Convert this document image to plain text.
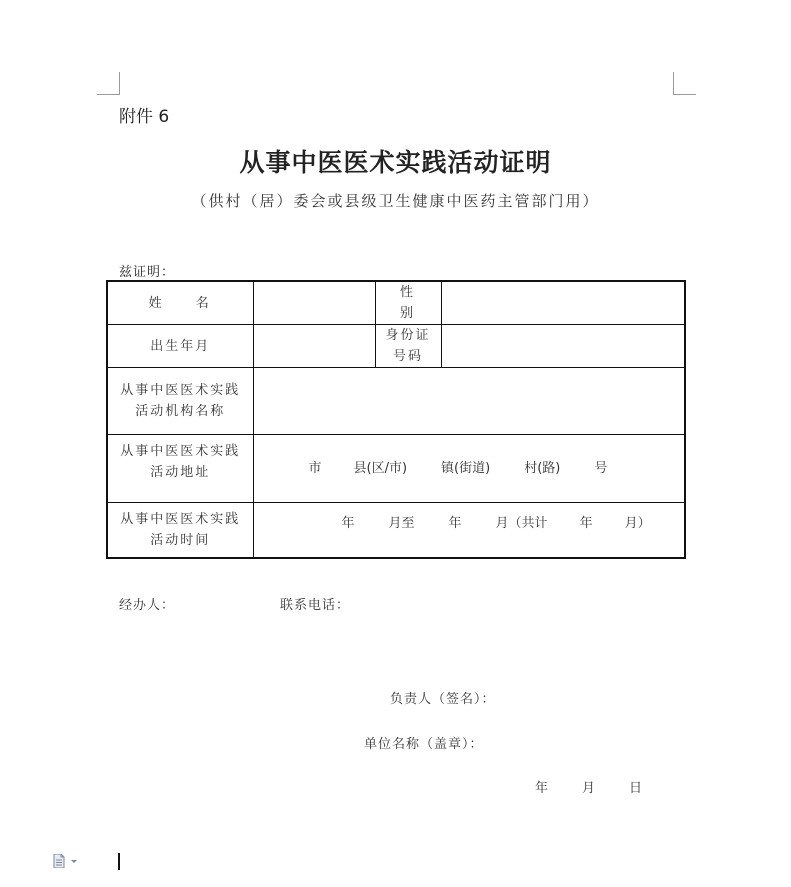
附件 6
从事中医医术实践活动证明
（供村（居）委会或县级卫生健康中医药主管部门用）
兹证明：
姓 名		性 别	
出生年月		身份证号码	
从事中医医术实践活动机构名称			
从事中医医术实践活动地址	市 县(区/市) 镇(街道) 村(路) 号		
从事中医医术实践活动时间	年 月至 年 月（共计 年 月）		
经办人：	联系电话：
负责人（签名）：
单位名称（盖章）：
年	月	日
